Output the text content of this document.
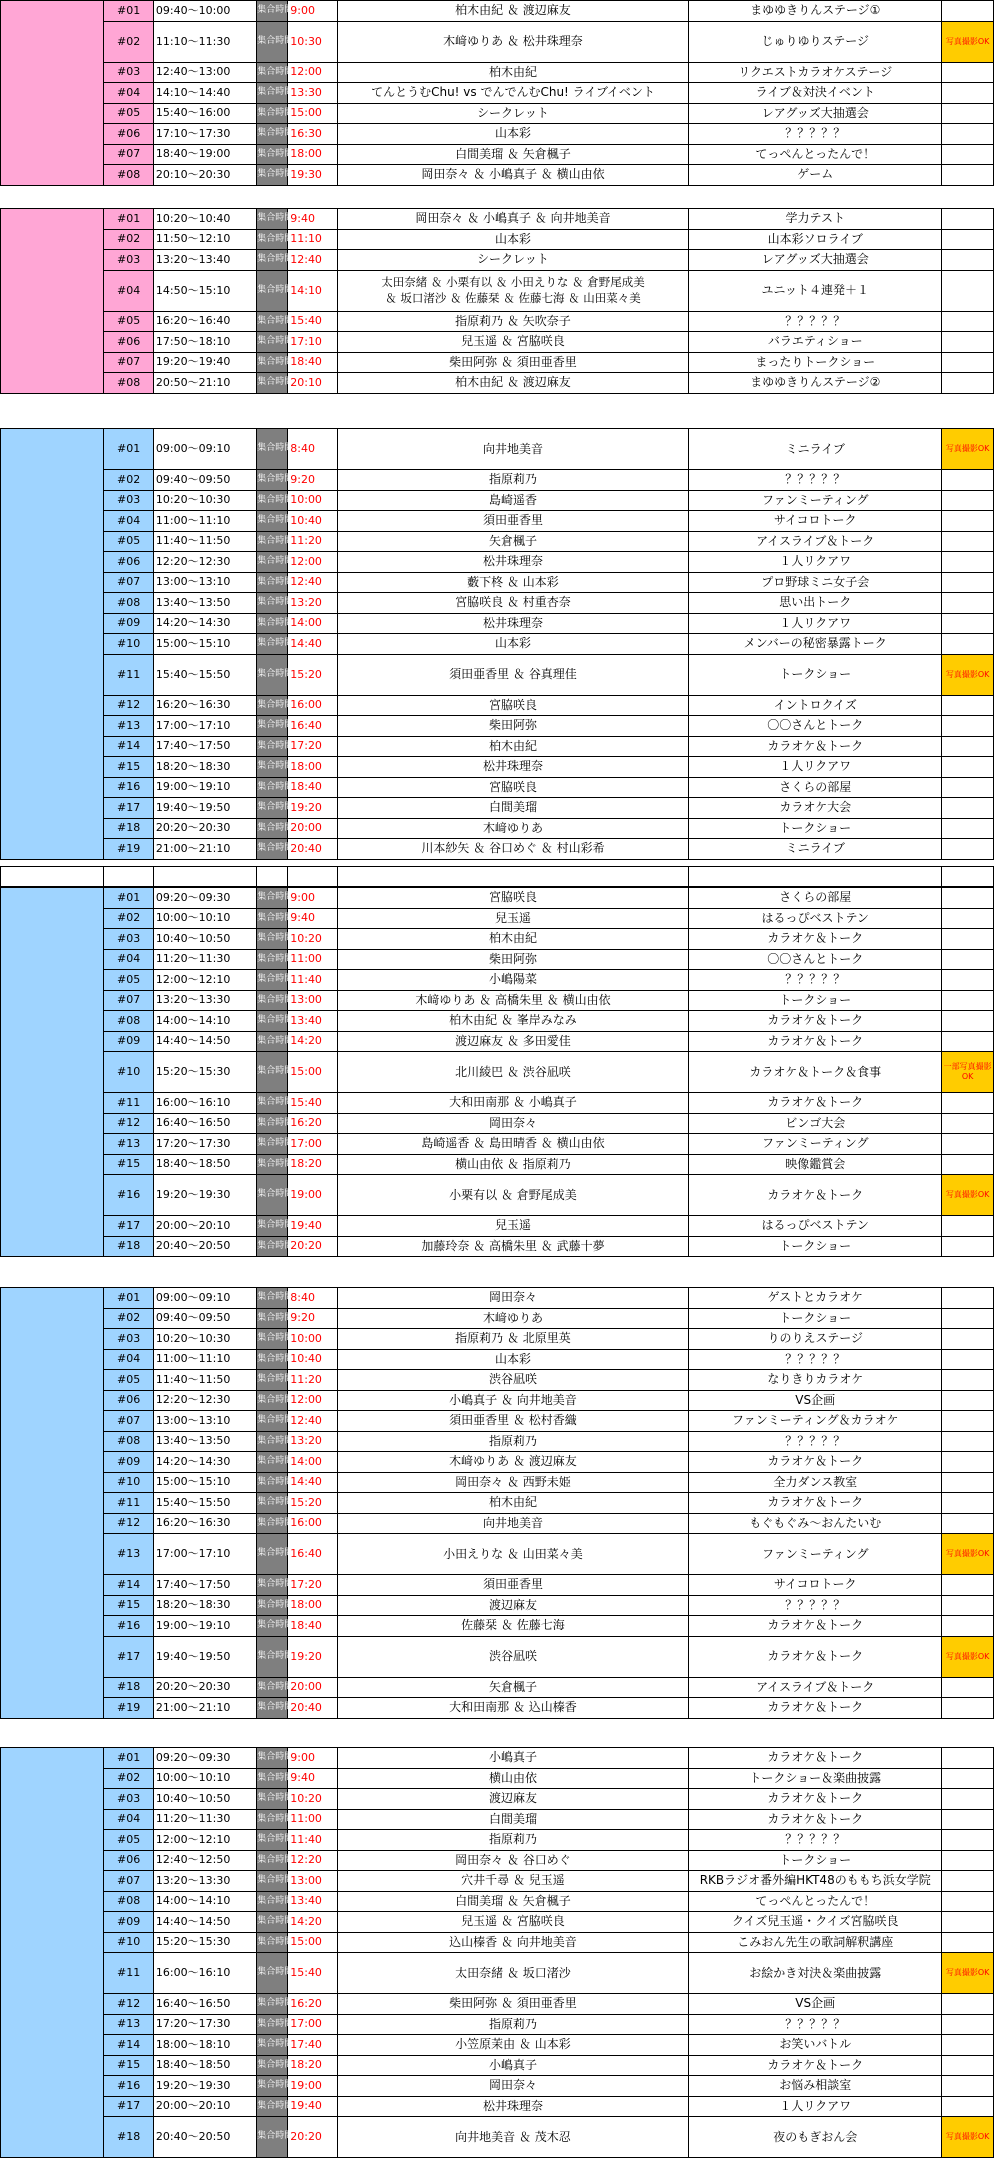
	#01	09:40～10:00	集合時間	9:00	柏木由紀 ＆ 渡辺麻友	まゆゆきりんステージ①	
	#02	11:10～11:30	集合時間	10:30	木﨑ゆりあ ＆ 松井珠理奈	じゅりゆりステージ	写真撮影OK
	#03	12:40～13:00	集合時間	12:00	柏木由紀	リクエストカラオケステージ	
	#04	14:10～14:40	集合時間	13:30	てんとうむChu! vs でんでんむChu! ライブイベント	ライブ＆対決イベント	
	#05	15:40～16:00	集合時間	15:00	シークレット	レアグッズ大抽選会	
	#06	17:10～17:30	集合時間	16:30	山本彩	？？？？？	
	#07	18:40～19:00	集合時間	18:00	白間美瑠 ＆ 矢倉楓子	てっぺんとったんで！	
	#08	20:10～20:30	集合時間	19:30	岡田奈々 ＆ 小嶋真子 ＆ 横山由依	ゲーム	
	#01	10:20～10:40	集合時間	9:40	岡田奈々 ＆ 小嶋真子 ＆ 向井地美音	学力テスト	
	#02	11:50～12:10	集合時間	11:10	山本彩	山本彩ソロライブ	
	#03	13:20～13:40	集合時間	12:40	シークレット	レアグッズ大抽選会	
	#04	14:50～15:10	集合時間	14:10	太田奈緒 ＆ 小栗有以 ＆ 小田えりな ＆ 倉野尾成美
＆ 坂口渚沙 ＆ 佐藤栞 ＆ 佐藤七海 ＆ 山田菜々美	ユニット４連発＋１	
	#05	16:20～16:40	集合時間	15:40	指原莉乃 ＆ 矢吹奈子	？？？？？	
	#06	17:50～18:10	集合時間	17:10	兒玉遥 ＆ 宮脇咲良	バラエティショー	
	#07	19:20～19:40	集合時間	18:40	柴田阿弥 ＆ 須田亜香里	まったりトークショー	
	#08	20:50～21:10	集合時間	20:10	柏木由紀 ＆ 渡辺麻友	まゆゆきりんステージ②	
	#01	09:00～09:10	集合時間	8:40	向井地美音	ミニライブ	写真撮影OK
	#02	09:40～09:50	集合時間	9:20	指原莉乃	？？？？？	
	#03	10:20～10:30	集合時間	10:00	島崎遥香	ファンミーティング	
	#04	11:00～11:10	集合時間	10:40	須田亜香里	サイコロトーク	
	#05	11:40～11:50	集合時間	11:20	矢倉楓子	アイスライブ＆トーク	
	#06	12:20～12:30	集合時間	12:00	松井珠理奈	１人リクアワ	
	#07	13:00～13:10	集合時間	12:40	藪下柊 ＆ 山本彩	プロ野球ミニ女子会	
	#08	13:40～13:50	集合時間	13:20	宮脇咲良 ＆ 村重杏奈	思い出トーク	
	#09	14:20～14:30	集合時間	14:00	松井珠理奈	１人リクアワ	
	#10	15:00～15:10	集合時間	14:40	山本彩	メンバーの秘密暴露トーク	
	#11	15:40～15:50	集合時間	15:20	須田亜香里 ＆ 谷真理佳	トークショー	写真撮影OK
	#12	16:20～16:30	集合時間	16:00	宮脇咲良	イントロクイズ	
	#13	17:00～17:10	集合時間	16:40	柴田阿弥	〇〇さんとトーク	
	#14	17:40～17:50	集合時間	17:20	柏木由紀	カラオケ＆トーク	
	#15	18:20～18:30	集合時間	18:00	松井珠理奈	１人リクアワ	
	#16	19:00～19:10	集合時間	18:40	宮脇咲良	さくらの部屋	
	#17	19:40～19:50	集合時間	19:20	白間美瑠	カラオケ大会	
	#18	20:20～20:30	集合時間	20:00	木﨑ゆりあ	トークショー	
	#19	21:00～21:10	集合時間	20:40	川本紗矢 ＆ 谷口めぐ ＆ 村山彩希	ミニライブ	
	#01	09:20～09:30	集合時間	9:00	宮脇咲良	さくらの部屋	
	#02	10:00～10:10	集合時間	9:40	兒玉遥	はるっぴベストテン	
	#03	10:40～10:50	集合時間	10:20	柏木由紀	カラオケ＆トーク	
	#04	11:20～11:30	集合時間	11:00	柴田阿弥	〇〇さんとトーク	
	#05	12:00～12:10	集合時間	11:40	小嶋陽菜	？？？？？	
	#07	13:20～13:30	集合時間	13:00	木﨑ゆりあ ＆ 高橋朱里 ＆ 横山由依	トークショー	
	#08	14:00～14:10	集合時間	13:40	柏木由紀 ＆ 峯岸みなみ	カラオケ＆トーク	
	#09	14:40～14:50	集合時間	14:20	渡辺麻友 ＆ 多田愛佳	カラオケ＆トーク	
	#10	15:20～15:30	集合時間	15:00	北川綾巴 ＆ 渋谷凪咲	カラオケ＆トーク＆食事	一部写真撮影OK
	#11	16:00～16:10	集合時間	15:40	大和田南那 ＆ 小嶋真子	カラオケ＆トーク	
	#12	16:40～16:50	集合時間	16:20	岡田奈々	ビンゴ大会	
	#13	17:20～17:30	集合時間	17:00	島崎遥香 ＆ 島田晴香 ＆ 横山由依	ファンミーティング	
	#15	18:40～18:50	集合時間	18:20	横山由依 ＆ 指原莉乃	映像鑑賞会	
	#16	19:20～19:30	集合時間	19:00	小栗有以 ＆ 倉野尾成美	カラオケ＆トーク	写真撮影OK
	#17	20:00～20:10	集合時間	19:40	兒玉遥	はるっぴベストテン	
	#18	20:40～20:50	集合時間	20:20	加藤玲奈 ＆ 高橋朱里 ＆ 武藤十夢	トークショー	
	#01	09:00～09:10	集合時間	8:40	岡田奈々	ゲストとカラオケ	
	#02	09:40～09:50	集合時間	9:20	木﨑ゆりあ	トークショー	
	#03	10:20～10:30	集合時間	10:00	指原莉乃 ＆ 北原里英	りのりえステージ	
	#04	11:00～11:10	集合時間	10:40	山本彩	？？？？？	
	#05	11:40～11:50	集合時間	11:20	渋谷凪咲	なりきりカラオケ	
	#06	12:20～12:30	集合時間	12:00	小嶋真子 ＆ 向井地美音	VS企画	
	#07	13:00～13:10	集合時間	12:40	須田亜香里 ＆ 松村香織	ファンミーティング＆カラオケ	
	#08	13:40～13:50	集合時間	13:20	指原莉乃	？？？？？	
	#09	14:20～14:30	集合時間	14:00	木﨑ゆりあ ＆ 渡辺麻友	カラオケ＆トーク	
	#10	15:00～15:10	集合時間	14:40	岡田奈々 ＆ 西野未姫	全力ダンス教室	
	#11	15:40～15:50	集合時間	15:20	柏木由紀	カラオケ＆トーク	
	#12	16:20～16:30	集合時間	16:00	向井地美音	もぐもぐみ～おんたいむ	
	#13	17:00～17:10	集合時間	16:40	小田えりな ＆ 山田菜々美	ファンミーティング	写真撮影OK
	#14	17:40～17:50	集合時間	17:20	須田亜香里	サイコロトーク	
	#15	18:20～18:30	集合時間	18:00	渡辺麻友	？？？？？	
	#16	19:00～19:10	集合時間	18:40	佐藤栞 ＆ 佐藤七海	カラオケ＆トーク	
	#17	19:40～19:50	集合時間	19:20	渋谷凪咲	カラオケ＆トーク	写真撮影OK
	#18	20:20～20:30	集合時間	20:00	矢倉楓子	アイスライブ＆トーク	
	#19	21:00～21:10	集合時間	20:40	大和田南那 ＆ 込山榛香	カラオケ＆トーク	
	#01	09:20～09:30	集合時間	9:00	小嶋真子	カラオケ＆トーク	
	#02	10:00～10:10	集合時間	9:40	横山由依	トークショー＆楽曲披露	
	#03	10:40～10:50	集合時間	10:20	渡辺麻友	カラオケ＆トーク	
	#04	11:20～11:30	集合時間	11:00	白間美瑠	カラオケ＆トーク	
	#05	12:00～12:10	集合時間	11:40	指原莉乃	？？？？？	
	#06	12:40～12:50	集合時間	12:20	岡田奈々 ＆ 谷口めぐ	トークショー	
	#07	13:20～13:30	集合時間	13:00	穴井千尋 ＆ 兒玉遥	RKBラジオ番外編HKT48のももち浜女学院	
	#08	14:00～14:10	集合時間	13:40	白間美瑠 ＆ 矢倉楓子	てっぺんとったんで！	
	#09	14:40～14:50	集合時間	14:20	兒玉遥 ＆ 宮脇咲良	クイズ兒玉遥・クイズ宮脇咲良	
	#10	15:20～15:30	集合時間	15:00	込山榛香 ＆ 向井地美音	こみおん先生の歌詞解釈講座	
	#11	16:00～16:10	集合時間	15:40	太田奈緒 ＆ 坂口渚沙	お絵かき対決＆楽曲披露	写真撮影OK
	#12	16:40～16:50	集合時間	16:20	柴田阿弥 ＆ 須田亜香里	VS企画	
	#13	17:20～17:30	集合時間	17:00	指原莉乃	？？？？？	
	#14	18:00～18:10	集合時間	17:40	小笠原茉由 ＆ 山本彩	お笑いバトル	
	#15	18:40～18:50	集合時間	18:20	小嶋真子	カラオケ＆トーク	
	#16	19:20～19:30	集合時間	19:00	岡田奈々	お悩み相談室	
	#17	20:00～20:10	集合時間	19:40	松井珠理奈	１人リクアワ	
	#18	20:40～20:50	集合時間	20:20	向井地美音 ＆ 茂木忍	夜のもぎおん会	写真撮影OK
